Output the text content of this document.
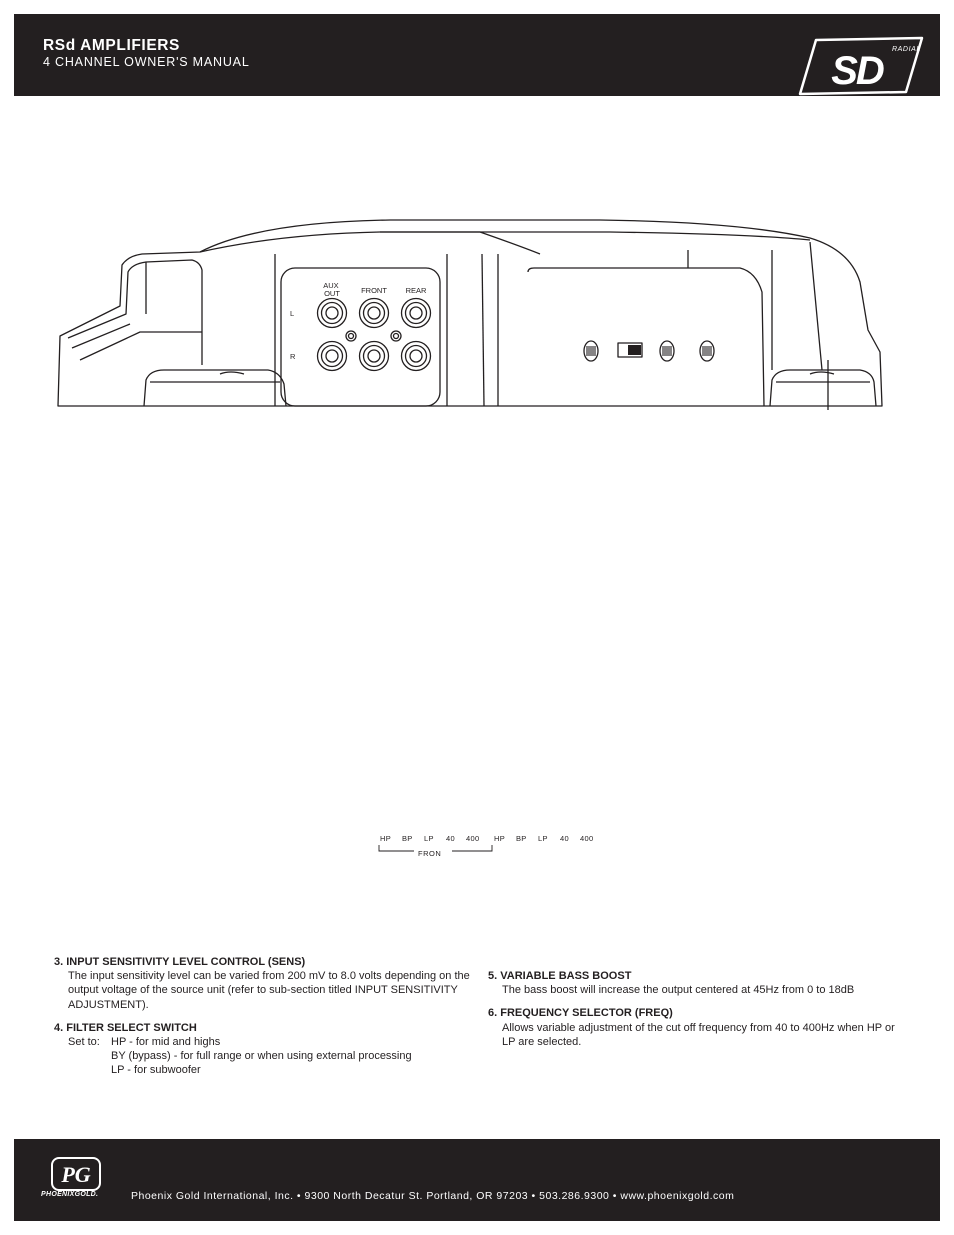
RSd AMPLIFIERS
4 CHANNEL OWNER'S MANUAL	SD RADIAL
AUX OUT	FRONT REAR
L
R
HP BP LP 40 400 HP BP LP 40 400
FRON
3. INPUT SENSITIVITY LEVEL CONTROL (SENS)
The input sensitivity level can be varied from 200 mV to 8.0 volts depending on the output voltage of the source unit (refer to sub-section titled INPUT SENSITIVITY ADJUSTMENT).
4. FILTER SELECT SWITCH
Set to:	HP - for mid and highs
BY (bypass) - for full range or when using external processing
LP - for subwoofer
5. VARIABLE BASS BOOST
The bass boost will increase the output centered at 45Hz from 0 to 18dB
6. FREQUENCY SELECTOR (FREQ)
Allows variable adjustment of the cut off frequency from 40 to 400Hz when HP or LP are selected.
PG
PHOENIXGOLD.	Phoenix Gold International, Inc. • 9300 North Decatur St. Portland, OR 97203 • 503.286.9300 • www.phoenixgold.com
